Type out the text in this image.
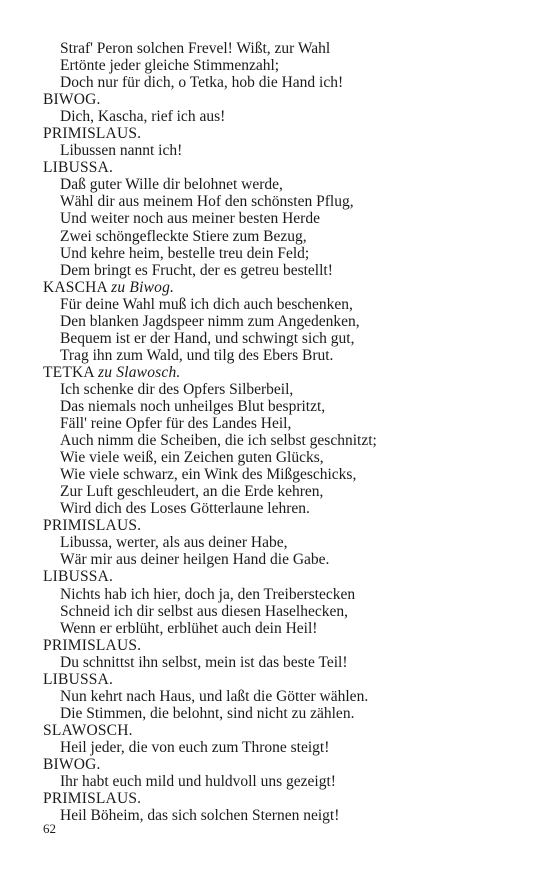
Straf' Peron solchen Frevel! Wißt, zur Wahl
Ertönte jeder gleiche Stimmenzahl;
Doch nur für dich, o Tetka, hob die Hand ich!
BIWOG.
Dich, Kascha, rief ich aus!
PRIMISLAUS.
Libussen nannt ich!
LIBUSSA.
Daß guter Wille dir belohnet werde,
Wähl dir aus meinem Hof den schönsten Pflug,
Und weiter noch aus meiner besten Herde
Zwei schöngefleckte Stiere zum Bezug,
Und kehre heim, bestelle treu dein Feld;
Dem bringt es Frucht, der es getreu bestellt!
KASCHA zu Biwog.
Für deine Wahl muß ich dich auch beschenken,
Den blanken Jagdspeer nimm zum Angedenken,
Bequem ist er der Hand, und schwingt sich gut,
Trag ihn zum Wald, und tilg des Ebers Brut.
TETKA zu Slawosch.
Ich schenke dir des Opfers Silberbeil,
Das niemals noch unheilges Blut bespritzt,
Fäll' reine Opfer für des Landes Heil,
Auch nimm die Scheiben, die ich selbst geschnitzt;
Wie viele weiß, ein Zeichen guten Glücks,
Wie viele schwarz, ein Wink des Mißgeschicks,
Zur Luft geschleudert, an die Erde kehren,
Wird dich des Loses Götterlaune lehren.
PRIMISLAUS.
Libussa, werter, als aus deiner Habe,
Wär mir aus deiner heilgen Hand die Gabe.
LIBUSSA.
Nichts hab ich hier, doch ja, den Treiberstecken
Schneid ich dir selbst aus diesen Haselhecken,
Wenn er erblüht, erblühet auch dein Heil!
PRIMISLAUS.
Du schnittst ihn selbst, mein ist das beste Teil!
LIBUSSA.
Nun kehrt nach Haus, und laßt die Götter wählen.
Die Stimmen, die belohnt, sind nicht zu zählen.
SLAWOSCH.
Heil jeder, die von euch zum Throne steigt!
BIWOG.
Ihr habt euch mild und huldvoll uns gezeigt!
PRIMISLAUS.
Heil Böheim, das sich solchen Sternen neigt!
62
